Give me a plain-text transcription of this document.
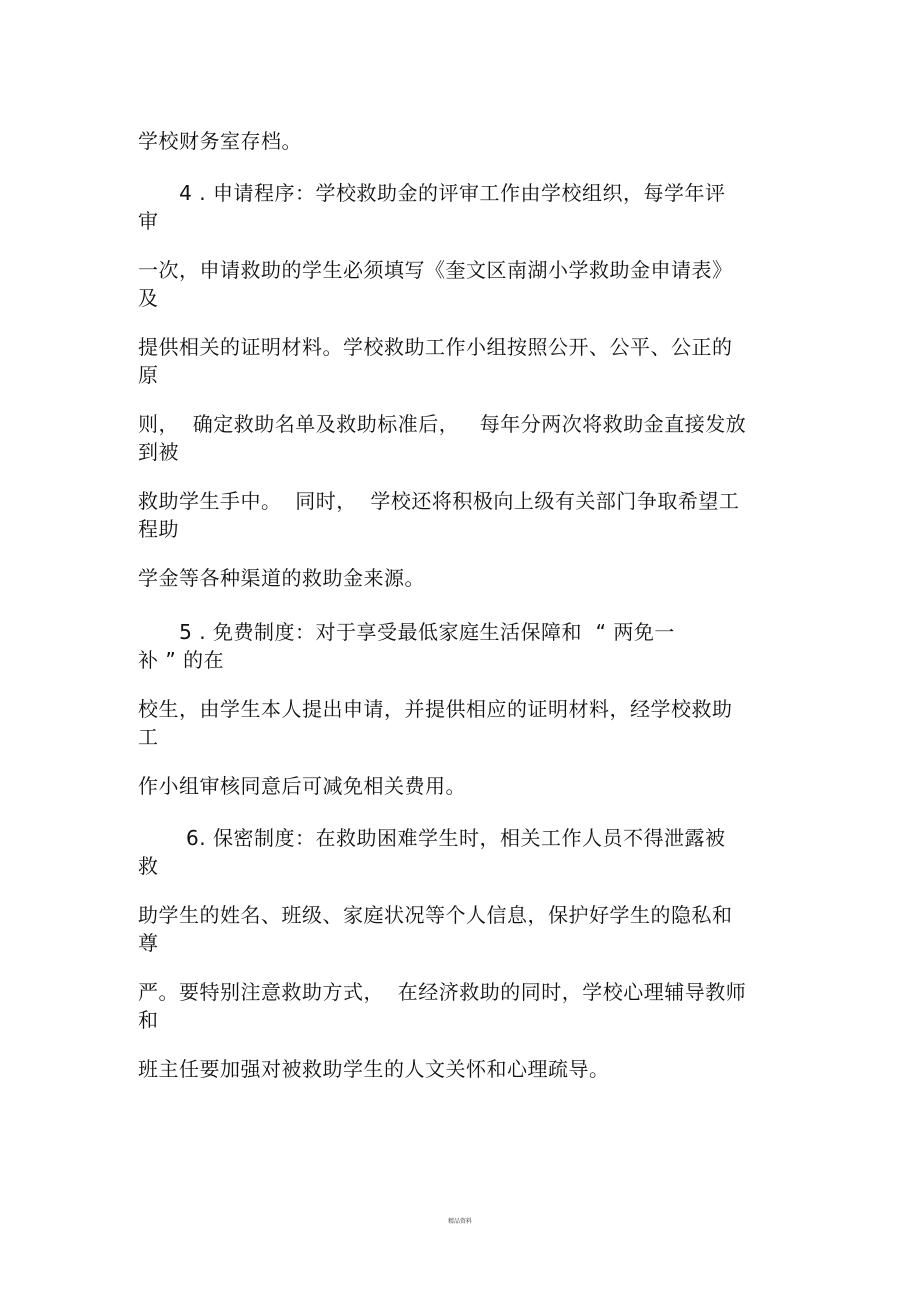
学校财务室存档。
4 . 申请程序：学校救助金的评审工作由学校组织，每学年评
审
一次，申请救助的学生必须填写《奎文区南湖小学救助金申请表》
及
提供相关的证明材料。学校救助工作小组按照公开、公平、公正的
原
则，  确定救助名单及救助标准后，   每年分两次将救助金直接发放
到被
救助学生手中。  同时，  学校还将积极向上级有关部门争取希望工
程助
学金等各种渠道的救助金来源。
5 . 免费制度：对于享受最低家庭生活保障和  “ 两免一
补 ” 的在
校生，由学生本人提出申请，并提供相应的证明材料，经学校救助
工
作小组审核同意后可减免相关费用。
6. 保密制度：在救助困难学生时，相关工作人员不得泄露被
救
助学生的姓名、班级、家庭状况等个人信息，保护好学生的隐私和
尊
严。要特别注意救助方式，  在经济救助的同时，学校心理辅导教师
和
班主任要加强对被救助学生的人文关怀和心理疏导。
精品资料
